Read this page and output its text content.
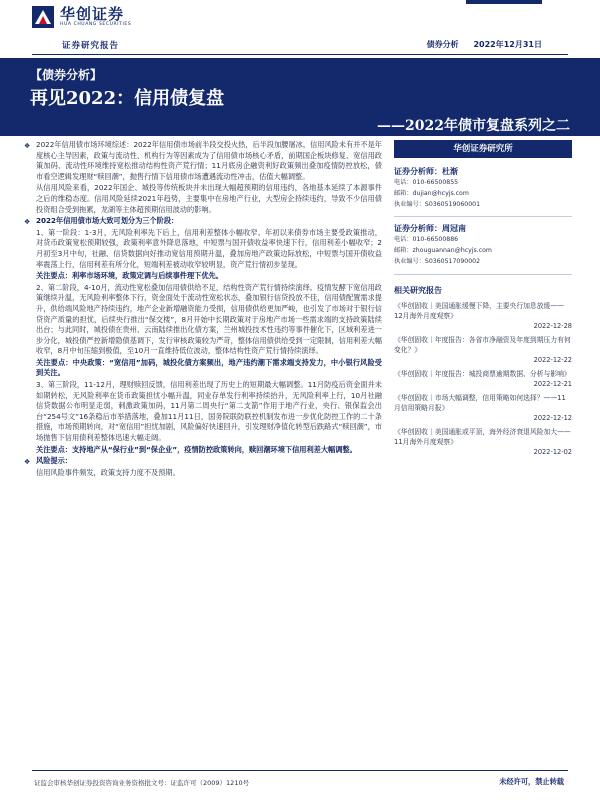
华创证券
HUA CHUANG SECURITIES
证券研究报告	债券分析 2022年12月31日
【债券分析】
再见2022：信用债复盘
——2022年债市复盘系列之二
❖ 2022年信用债市场环境综述：2022年信用债市场前半段交投火热，后半段加腰屠冰，信用风险未有并不是年度核心主导因素，政策与流动性、机构行为等因素成为了信用债市场核心矛盾，前期国企板块修复、宽信用政策加码、流动性环境维持宽松推动结构性资产荒行情；11月底房企融资利好政策频出叠加疫情防控放松，债市看空逻辑发理财“赎回潮”，抛售行情下信用债市场遭遇流动性冲击，估值大幅调整。
从信用风险来看，2022年国企、城投等传统板块并未出现大幅超预期的信用违约，各地基本延续了本源事件之后的维稳态度。信用风险延续2021年趋势，主要集中在房地产行业，大型房企持续违约，导致不少信用债投资组合受到拖累，龙湖等主体超预期信用波动的影响。
❖ 2022年信用债市场大致可划分为三个阶段：
1、第一阶段：1-3月，无风险利率先下后上，信用利差整体小幅收窄。年初以来债券市场主要受政策推动，对货币政策宽松预期较强，政策利率意外降息落地，中短票与国开债收益率快速下行，信用利差小幅收窄；2月初至3月中旬，社融、信贷数据向好推动宽信用预期升温，叠加房地产政策边际放松，中短票与国开债收益率震荡上行，信用利差有所分化，短端利差被动收窄较明显，资产荒行情初步显现。
关注要点：利率市场环境，政策定调与后续事件理下优先。
2、第二阶段，4-10月，流动性宽松叠加信用债供给不足，结构性资产荒行情持续演绎。疫情发酵下宽信用政策继续升温，无风险利率整体下行，资金面处于流动性宽松状态，叠加银行信贷投放不佳，信用债配置需求提升，供给端风险地产持续违约，地产企业新增融资能力受损，信用债供给更加严峻，也引发了市场对于银行信贷资产质量的担忧，后续央行推出“保交楼”，8月开始中长期政策对于房地产市场一些需求端的支持政策陆续出台；与此同时，城投债在贵州、云南陆续推出化债方案，兰州城投技术性违约等事件催化下，区域利差进一步分化，城投债严控新增隐债基调下，发行审核政策较为严苛，整体信用债供给受到一定限制，信用利差大幅收窄，8月中旬压缩到极值，至10月一直维持低位波动，整体结构性资产荒行情持续演绎。
关注要点：中央政策：“宽信用”加码，城投化债方案频出，地产违约潮下需求端支持发力，中小银行风险受到关注。
3、第三阶段，11-12月，理财赎回反馈，信用利差出现了历史上的短期最大幅调整。11月防疫后资金面并未如期转松，无风险利率在货币政策担忧小幅升温，同业存单发行利率持续抬升，无风险利率上行，10月社融信贷数据公布明显走弱，刺激政策加码，11月第二周央行“第二支箭”作用于地产行业，央行、银保监会出台“254号文”16条稳后市举措落地，叠加11月11日，国务院联防联控机制发布进一步优化防控工作的二十条措施，市场预期转向，对“宽信用”担忧加剧，风险偏好快速回升，引发理财净值化转型后跌路式“赎回潮”，市场抛售下信用债利差整体迅速大幅走阔。
关注要点：支持地产从“保行业”到“保企业”，疫情防控政策转向，赎回潮环境下信用利差大幅调整。
❖ 风险提示：
信用风险事件频发，政策支持力度不及预期。
华创证券研究所
证券分析师：杜渐
电话：010-66500855
邮箱：dujian@hcyjs.com
执业编号：S0360519060001
证券分析师：周冠南
电话：010-66500886
邮箱：zhouguannan@hcyjs.com
执业编号：S0360517090002
相关研究报告
《华创固收｜美国通胀缓慢下降，主要央行加息放缓——12月海外月度观察》
2022-12-28
《华创固收｜年度报告：各省市净融资及年度到期压力有何变化？》
2022-12-22
《华创固收｜年度报告：城投商票逾期数据、分析与影响》
2022-12-21
《华创固收｜市场大幅调整，信用策略如何选择？——11月信用策略月报》
2022-12-12
《华创固收｜美国通胀或平顶，海外经济衰退风险加大——11月海外月度观察》
2022-12-02
证监会审核华创证券投资咨询业务资格批文号：证监许可（2009）1210号	未经许可，禁止转载
